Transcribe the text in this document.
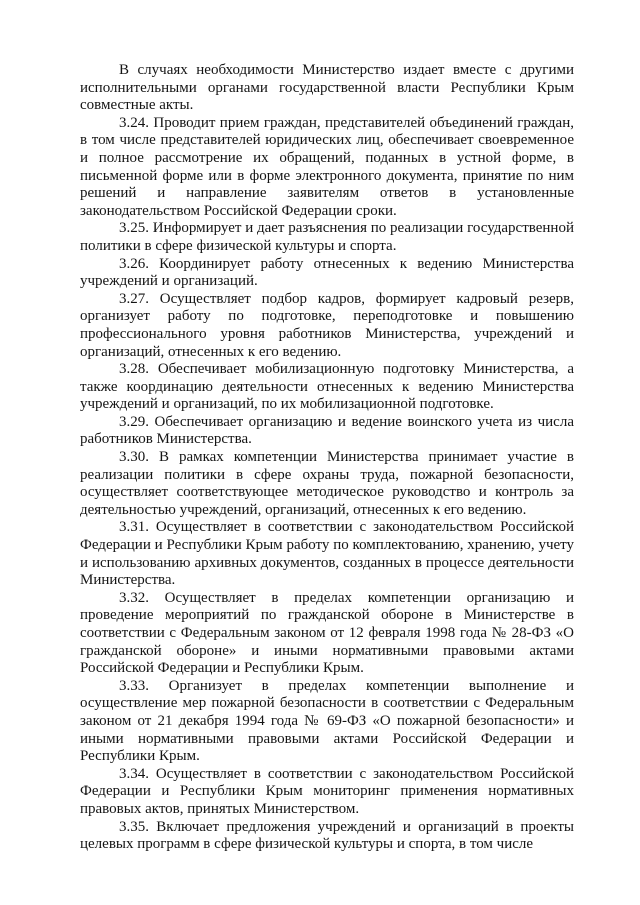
В случаях необходимости Министерство издает вместе с другими исполнительными органами государственной власти Республики Крым совместные акты.

3.24. Проводит прием граждан, представителей объединений граждан, в том числе представителей юридических лиц, обеспечивает своевременное и полное рассмотрение их обращений, поданных в устной форме, в письменной форме или в форме электронного документа, принятие по ним решений и направление заявителям ответов в установленные законодательством Российской Федерации сроки.

3.25. Информирует и дает разъяснения по реализации государственной политики в сфере физической культуры и спорта.

3.26. Координирует работу отнесенных к ведению Министерства учреждений и организаций.

3.27. Осуществляет подбор кадров, формирует кадровый резерв, организует работу по подготовке, переподготовке и повышению профессионального уровня работников Министерства, учреждений и организаций, отнесенных к его ведению.

3.28. Обеспечивает мобилизационную подготовку Министерства, а также координацию деятельности отнесенных к ведению Министерства учреждений и организаций, по их мобилизационной подготовке.

3.29. Обеспечивает организацию и ведение воинского учета из числа работников Министерства.

3.30. В рамках компетенции Министерства принимает участие в реализации политики в сфере охраны труда, пожарной безопасности, осуществляет соответствующее методическое руководство и контроль за деятельностью учреждений, организаций, отнесенных к его ведению.

3.31. Осуществляет в соответствии с законодательством Российской Федерации и Республики Крым работу по комплектованию, хранению, учету и использованию архивных документов, созданных в процессе деятельности Министерства.

3.32. Осуществляет в пределах компетенции организацию и проведение мероприятий по гражданской обороне в Министерстве в соответствии с Федеральным законом от 12 февраля 1998 года № 28-ФЗ «О гражданской обороне» и иными нормативными правовыми актами Российской Федерации и Республики Крым.

3.33. Организует в пределах компетенции выполнение и осуществление мер пожарной безопасности в соответствии с Федеральным законом от 21 декабря 1994 года № 69-ФЗ «О пожарной безопасности» и иными нормативными правовыми актами Российской Федерации и Республики Крым.

3.34. Осуществляет в соответствии с законодательством Российской Федерации и Республики Крым мониторинг применения нормативных правовых актов, принятых Министерством.

3.35. Включает предложения учреждений и организаций в проекты целевых программ в сфере физической культуры и спорта, в том числе
